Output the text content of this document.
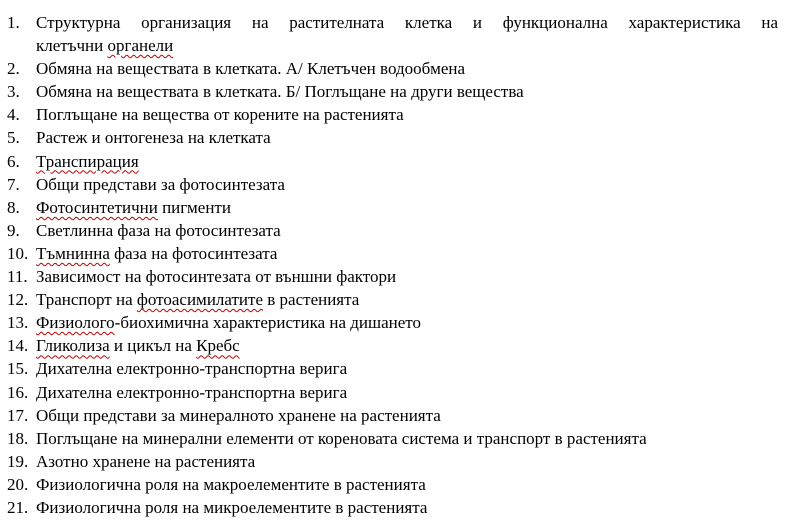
1. Структурна организация на растителната клетка и функционална характеристика на
клетъчни органели
2. Обмяна на веществата в клетката. А/ Клетъчен водообмена
3. Обмяна на веществата в клетката. Б/ Поглъщане на други вещества
4. Поглъщане на вещества от корените на растенията
5. Растеж и онтогенеза на клетката
6. Транспирация
7. Общи представи за фотосинтезата
8. Фотосинтетични пигменти
9. Светлинна фаза на фотосинтезата
10. Тъмнинна фаза на фотосинтезата
11. Зависимост на фотосинтезата от външни фактори
12. Транспорт на фотоасимилатите в растенията
13. Физиолого-биохимична характеристика на дишането
14. Гликолиза и цикъл на Кребс
15. Дихателна електронно-транспортна верига
16. Дихателна електронно-транспортна верига
17. Общи представи за минералното хранене на растенията
18. Поглъщане на минерални елементи от кореновата система и транспорт в растенията
19. Азотно хранене на растенията
20. Физиологична роля на макроелементите в растенията
21. Физиологична роля на микроелементите в растенията
